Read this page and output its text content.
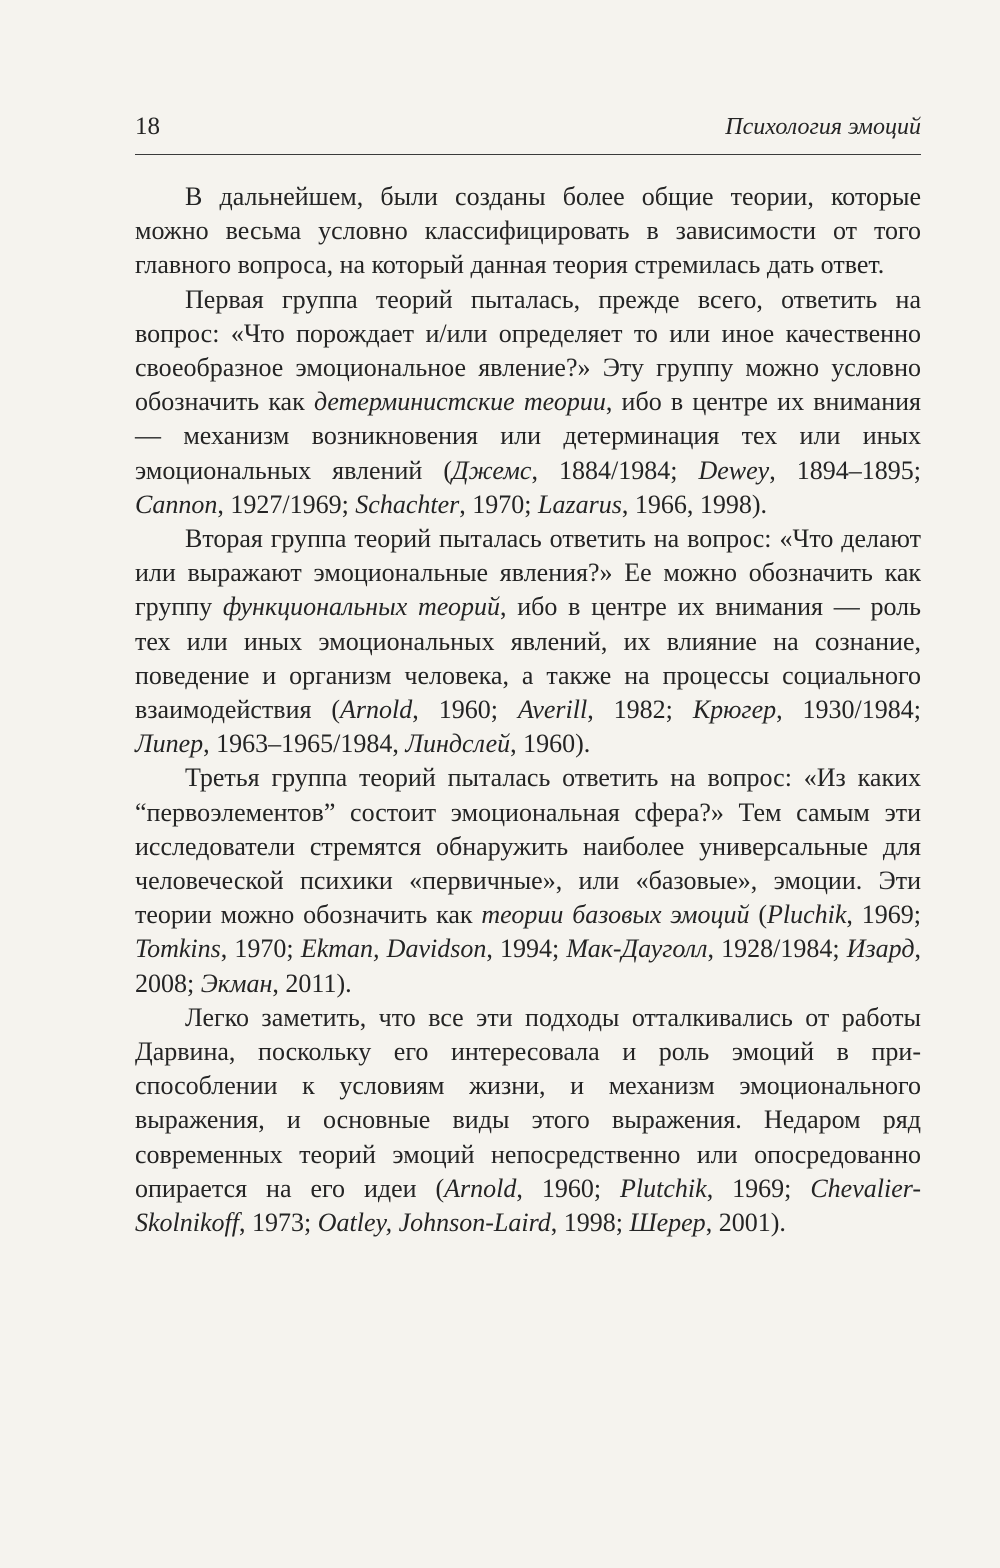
18	Психология эмоций

В дальнейшем, были созданы более общие теории, которые можно весьма условно классифицировать в зависимости от того главного вопроса, на который данная теория стремилась дать ответ.

Первая группа теорий пыталась, прежде всего, ответить на вопрос: «Что порождает и/или определяет то или иное качественно своеобразное эмоциональное явление?» Эту группу можно условно обозначить как детерминистские теории, ибо в центре их внимания — механизм возникновения или детерминация тех или иных эмоциональных явлений (Джемс, 1884/1984; Dewey, 1894–1895; Cannon, 1927/1969; Schachter, 1970; Lazarus, 1966, 1998).

Вторая группа теорий пыталась ответить на вопрос: «Что делают или выражают эмоциональные явления?» Ее можно обозначить как группу функциональных теорий, ибо в центре их внимания — роль тех или иных эмоциональных явлений, их влияние на сознание, поведение и организм человека, а также на процессы социального взаимодействия (Arnold, 1960; Averill, 1982; Крюгер, 1930/1984; Липер, 1963–1965/1984, Линдслей, 1960).

Третья группа теорий пыталась ответить на вопрос: «Из каких “первоэлементов” состоит эмоциональная сфера?» Тем самым эти исследователи стремятся обнаружить наиболее универсальные для человеческой психики «первичные», или «базовые», эмоции. Эти теории можно обозначить как теории базовых эмоций (Pluchik, 1969; Tomkins, 1970; Ekman, Davidson, 1994; Мак-Дауголл, 1928/1984; Изард, 2008; Экман, 2011).

Легко заметить, что все эти подходы отталкивались от работы Дарвина, поскольку его интересовала и роль эмоций в приспособлении к условиям жизни, и механизм эмоционального выражения, и основные виды этого выражения. Недаром ряд современных теорий эмоций непосредственно или опосредованно опирается на его идеи (Arnold, 1960; Plutchik, 1969; Chevalier-Skolnikoff, 1973; Oatley, Johnson-Laird, 1998; Шерер, 2001).
